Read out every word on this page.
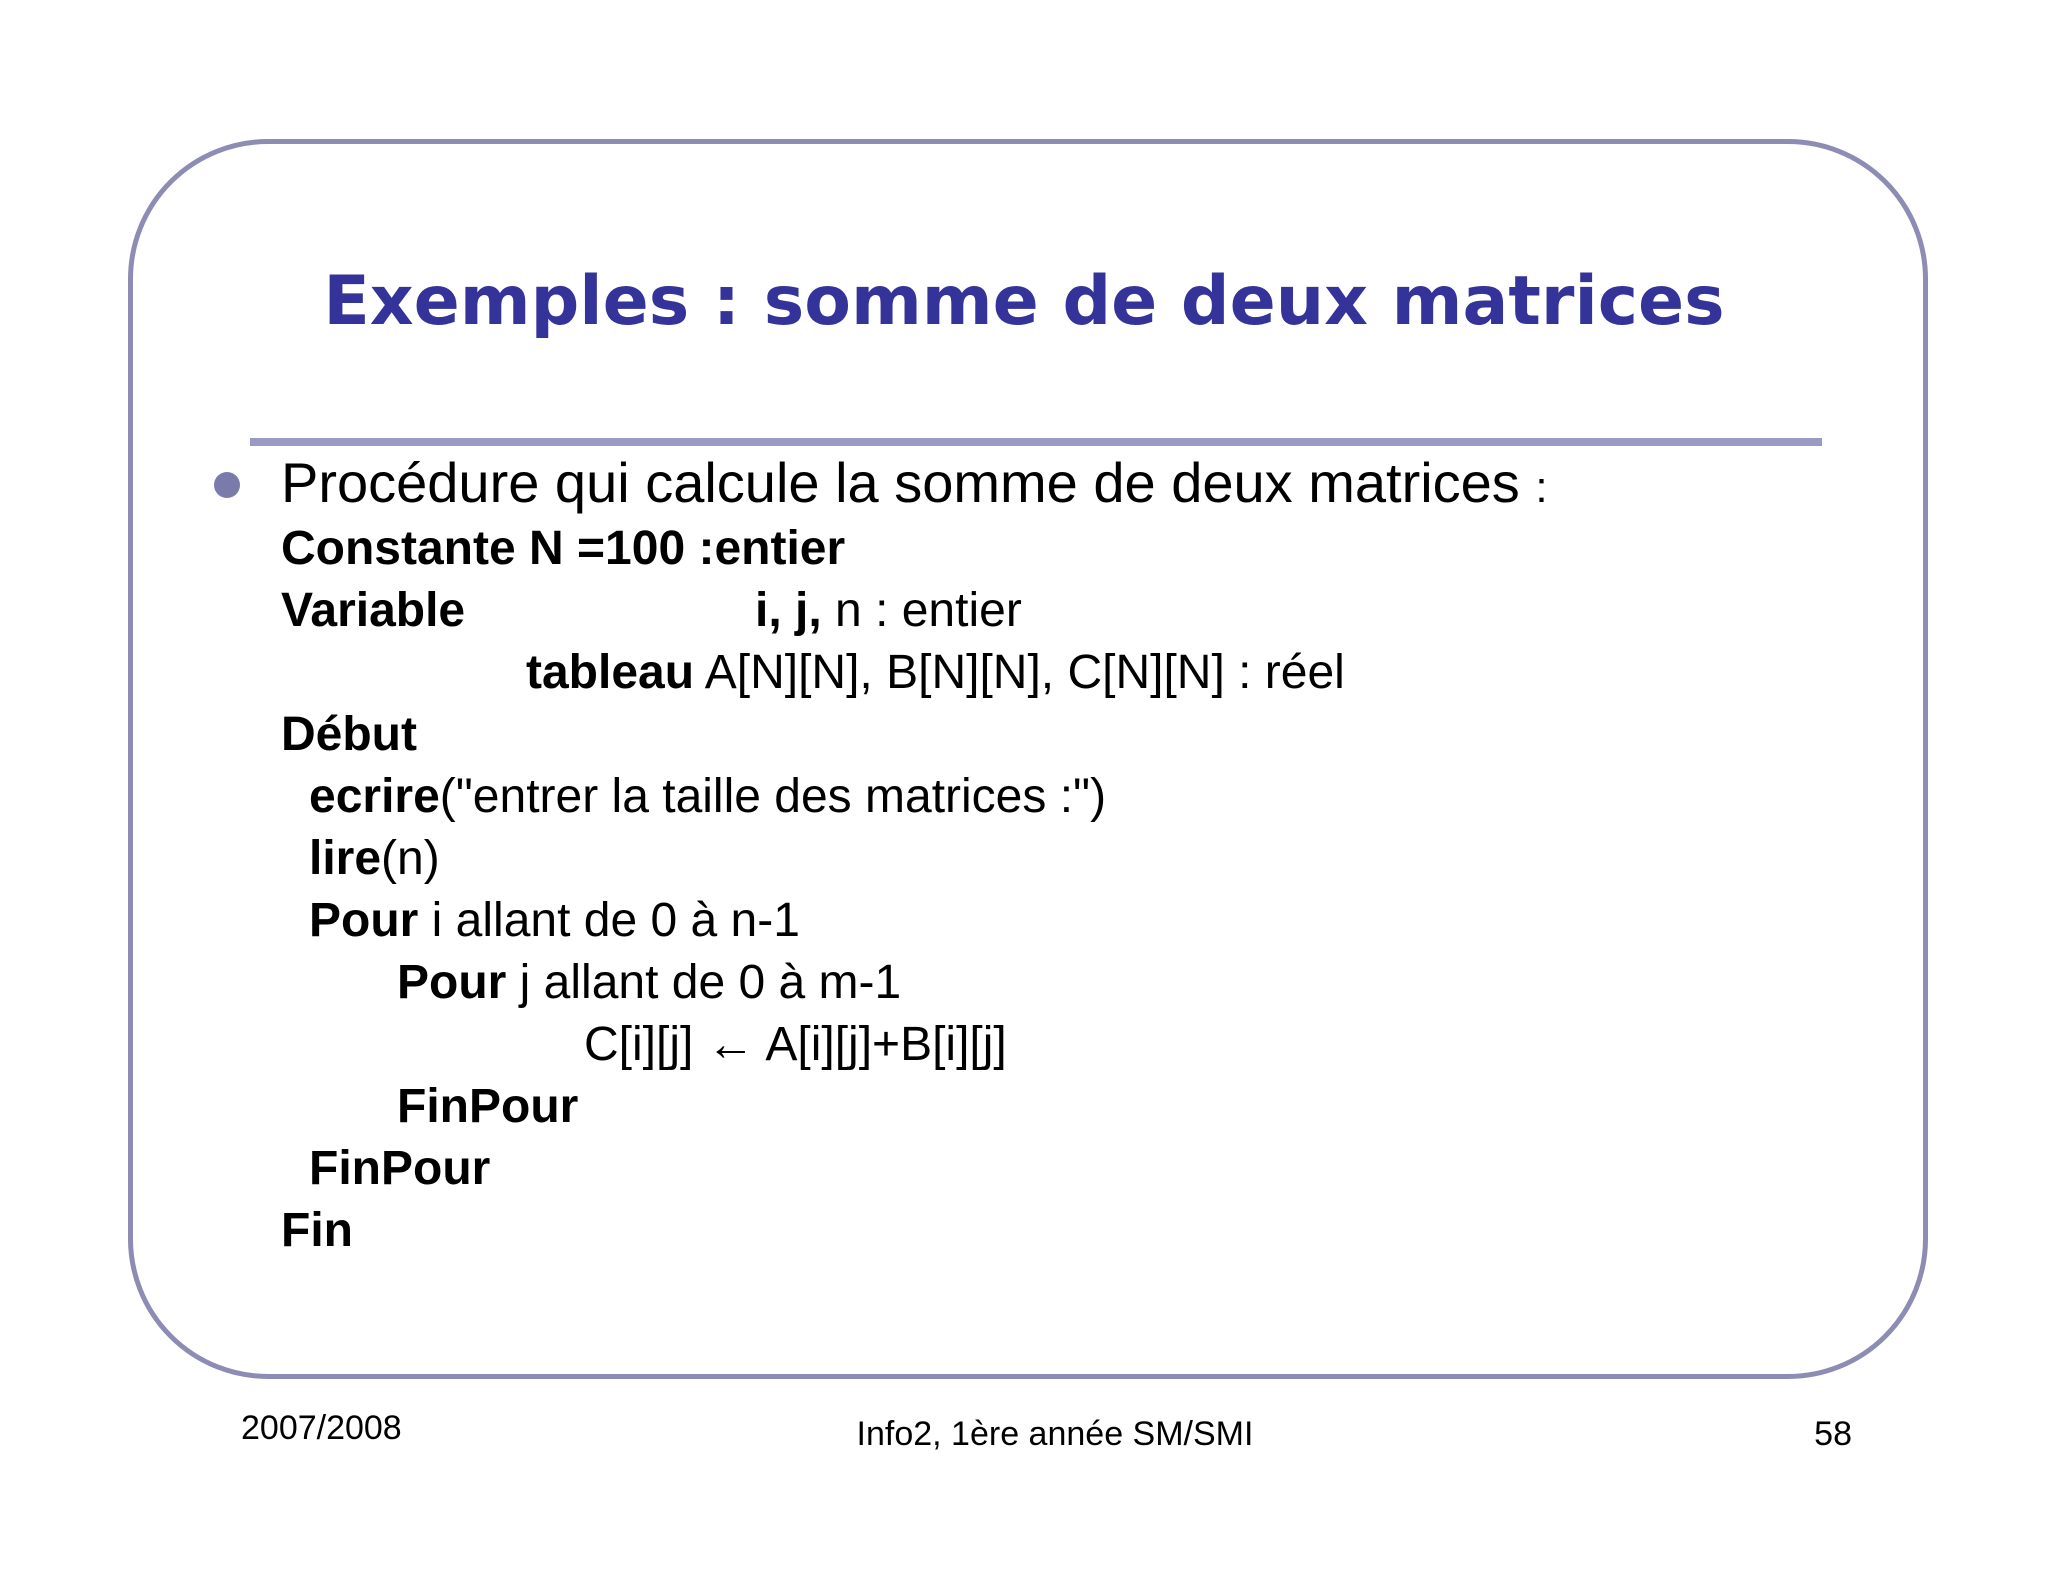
Exemples : somme de deux matrices
Procédure qui calcule la somme de deux matrices :
Constante N =100 :entier
Variable	i, j, n : entier
tableau A[N][N], B[N][N], C[N][N] : réel
Début
ecrire("entrer la taille des matrices :")
lire(n)
Pour i allant de 0 à n-1
Pour j allant de 0 à m-1
C[i][j] ← A[i][j]+B[i][j]
FinPour
FinPour
Fin
2007/2008	Info2, 1ère année SM/SMI	58
